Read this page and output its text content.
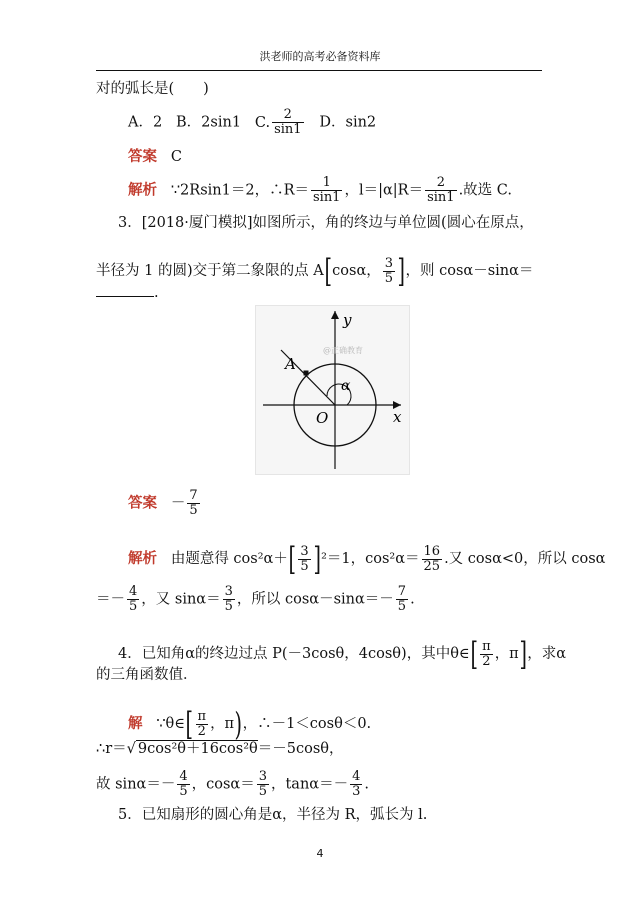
洪老师的高考必备资料库
对的弧长是(　　)
A．2 B．2sin1 C. $\frac{2}{\sin 1}$ D．sin2
答案 C
解析 ∵2Rsin1＝2，∴R＝ $\frac{1}{\sin 1}$ ，$l=|\alpha|R= \frac{2}{\sin 1}$ .故选 C.
3．[2018·厦门模拟]如图所示，角的终边与单位圆(圆心在原点，
半径为 1 的圆)交于第二象限的点 A[cosα， $\frac{3}{5}$ ]，则 cosα－sinα＝
.
A
α
O	x
y
@正确教育
答案 － $\frac{7}{5}$
解析 由题意得 $\cos^2\alpha+[ \frac{3}{5} ]^2=1$，$\cos^2\alpha= \frac{16}{25}$ .又 cosα<0，所以 cosα
＝－ $\frac{4}{5}$ ，又 $\sin\alpha= \frac{3}{5}$ ，所以 $\cos\alpha-\sin\alpha=- \frac{7}{5}$ .
4．已知角α的终边过点 P(－3cosθ，4cosθ)，其中θ∈[ $\frac{\pi}{2}$ ，π]，求α
的三角函数值．
解 ∵θ∈[ $\frac{\pi}{2}$ ，π)，∴－1＜cosθ＜0.
∴r＝√ 9cos²θ＋16cos²θ＝－5cosθ，
故 $\sin\alpha=- \frac{4}{5}$ ，$\cos\alpha= \frac{3}{5}$ ，$\tan\alpha=- \frac{4}{3}$ .
5．已知扇形的圆心角是α，半径为 R，弧长为 l.
4
